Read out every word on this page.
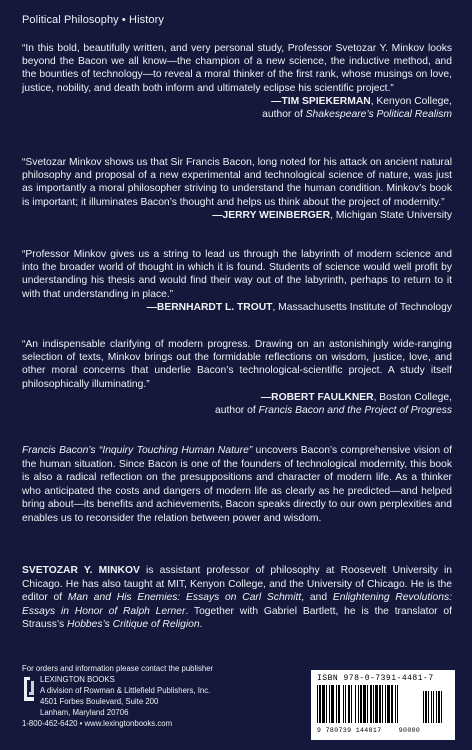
Political Philosophy • History

“In this bold, beautifully written, and very personal study, Professor Svetozar Y. Minkov looks beyond the Bacon we all know—the champion of a new science, the inductive method, and the bounties of technology—to reveal a moral thinker of the first rank, whose musings on love, justice, nobility, and death both inform and ultimately eclipse his scientific project.”

—TIM SPIEKERMAN, Kenyon College,

author of Shakespeare’s Political Realism

“Svetozar Minkov shows us that Sir Francis Bacon, long noted for his attack on ancient natural philosophy and proposal of a new experimental and technological science of nature, was just as importantly a moral philosopher striving to understand the human condition. Minkov’s book is important; it illuminates Bacon’s thought and helps us think about the project of modernity.”

—JERRY WEINBERGER, Michigan State University

“Professor Minkov gives us a string to lead us through the labyrinth of modern science and into the broader world of thought in which it is found. Students of science would well profit by understanding his thesis and would find their way out of the labyrinth, perhaps to return to it with that understanding in place.”

—BERNHARDT L. TROUT, Massachusetts Institute of Technology

“An indispensable clarifying of modern progress. Drawing on an astonishingly wide-ranging selection of texts, Minkov brings out the formidable reflections on wisdom, justice, love, and other moral concerns that underlie Bacon’s technological-scientific project. A study itself philosophically illuminating.”

—ROBERT FAULKNER, Boston College,

author of Francis Bacon and the Project of Progress

Francis Bacon’s “Inquiry Touching Human Nature” uncovers Bacon’s comprehensive vision of the human situation. Since Bacon is one of the founders of technological modernity, this book is also a radical reflection on the presuppositions and character of modern life. As a thinker who anticipated the costs and dangers of modern life as clearly as he predicted—and helped bring about—its benefits and achievements, Bacon speaks directly to our own perplexities and enables us to reconsider the relation between power and wisdom.

SVETOZAR Y. MINKOV is assistant professor of philosophy at Roosevelt University in Chicago. He has also taught at MIT, Kenyon College, and the University of Chicago. He is the editor of Man and His Enemies: Essays on Carl Schmitt, and Enlightening Revolutions: Essays in Honor of Ralph Lerner. Together with Gabriel Bartlett, he is the translator of Strauss’s Hobbes’s Critique of Religion.

For orders and information please contact the publisher
LEXINGTON BOOKS
A division of Rowman & Littlefield Publishers, Inc.
4501 Forbes Boulevard, Suite 200
Lanham, Maryland 20706
1-800-462-6420 • www.lexingtonbooks.com
ISBN 978-0-7391-4481-7
9 780739 144817	90000
